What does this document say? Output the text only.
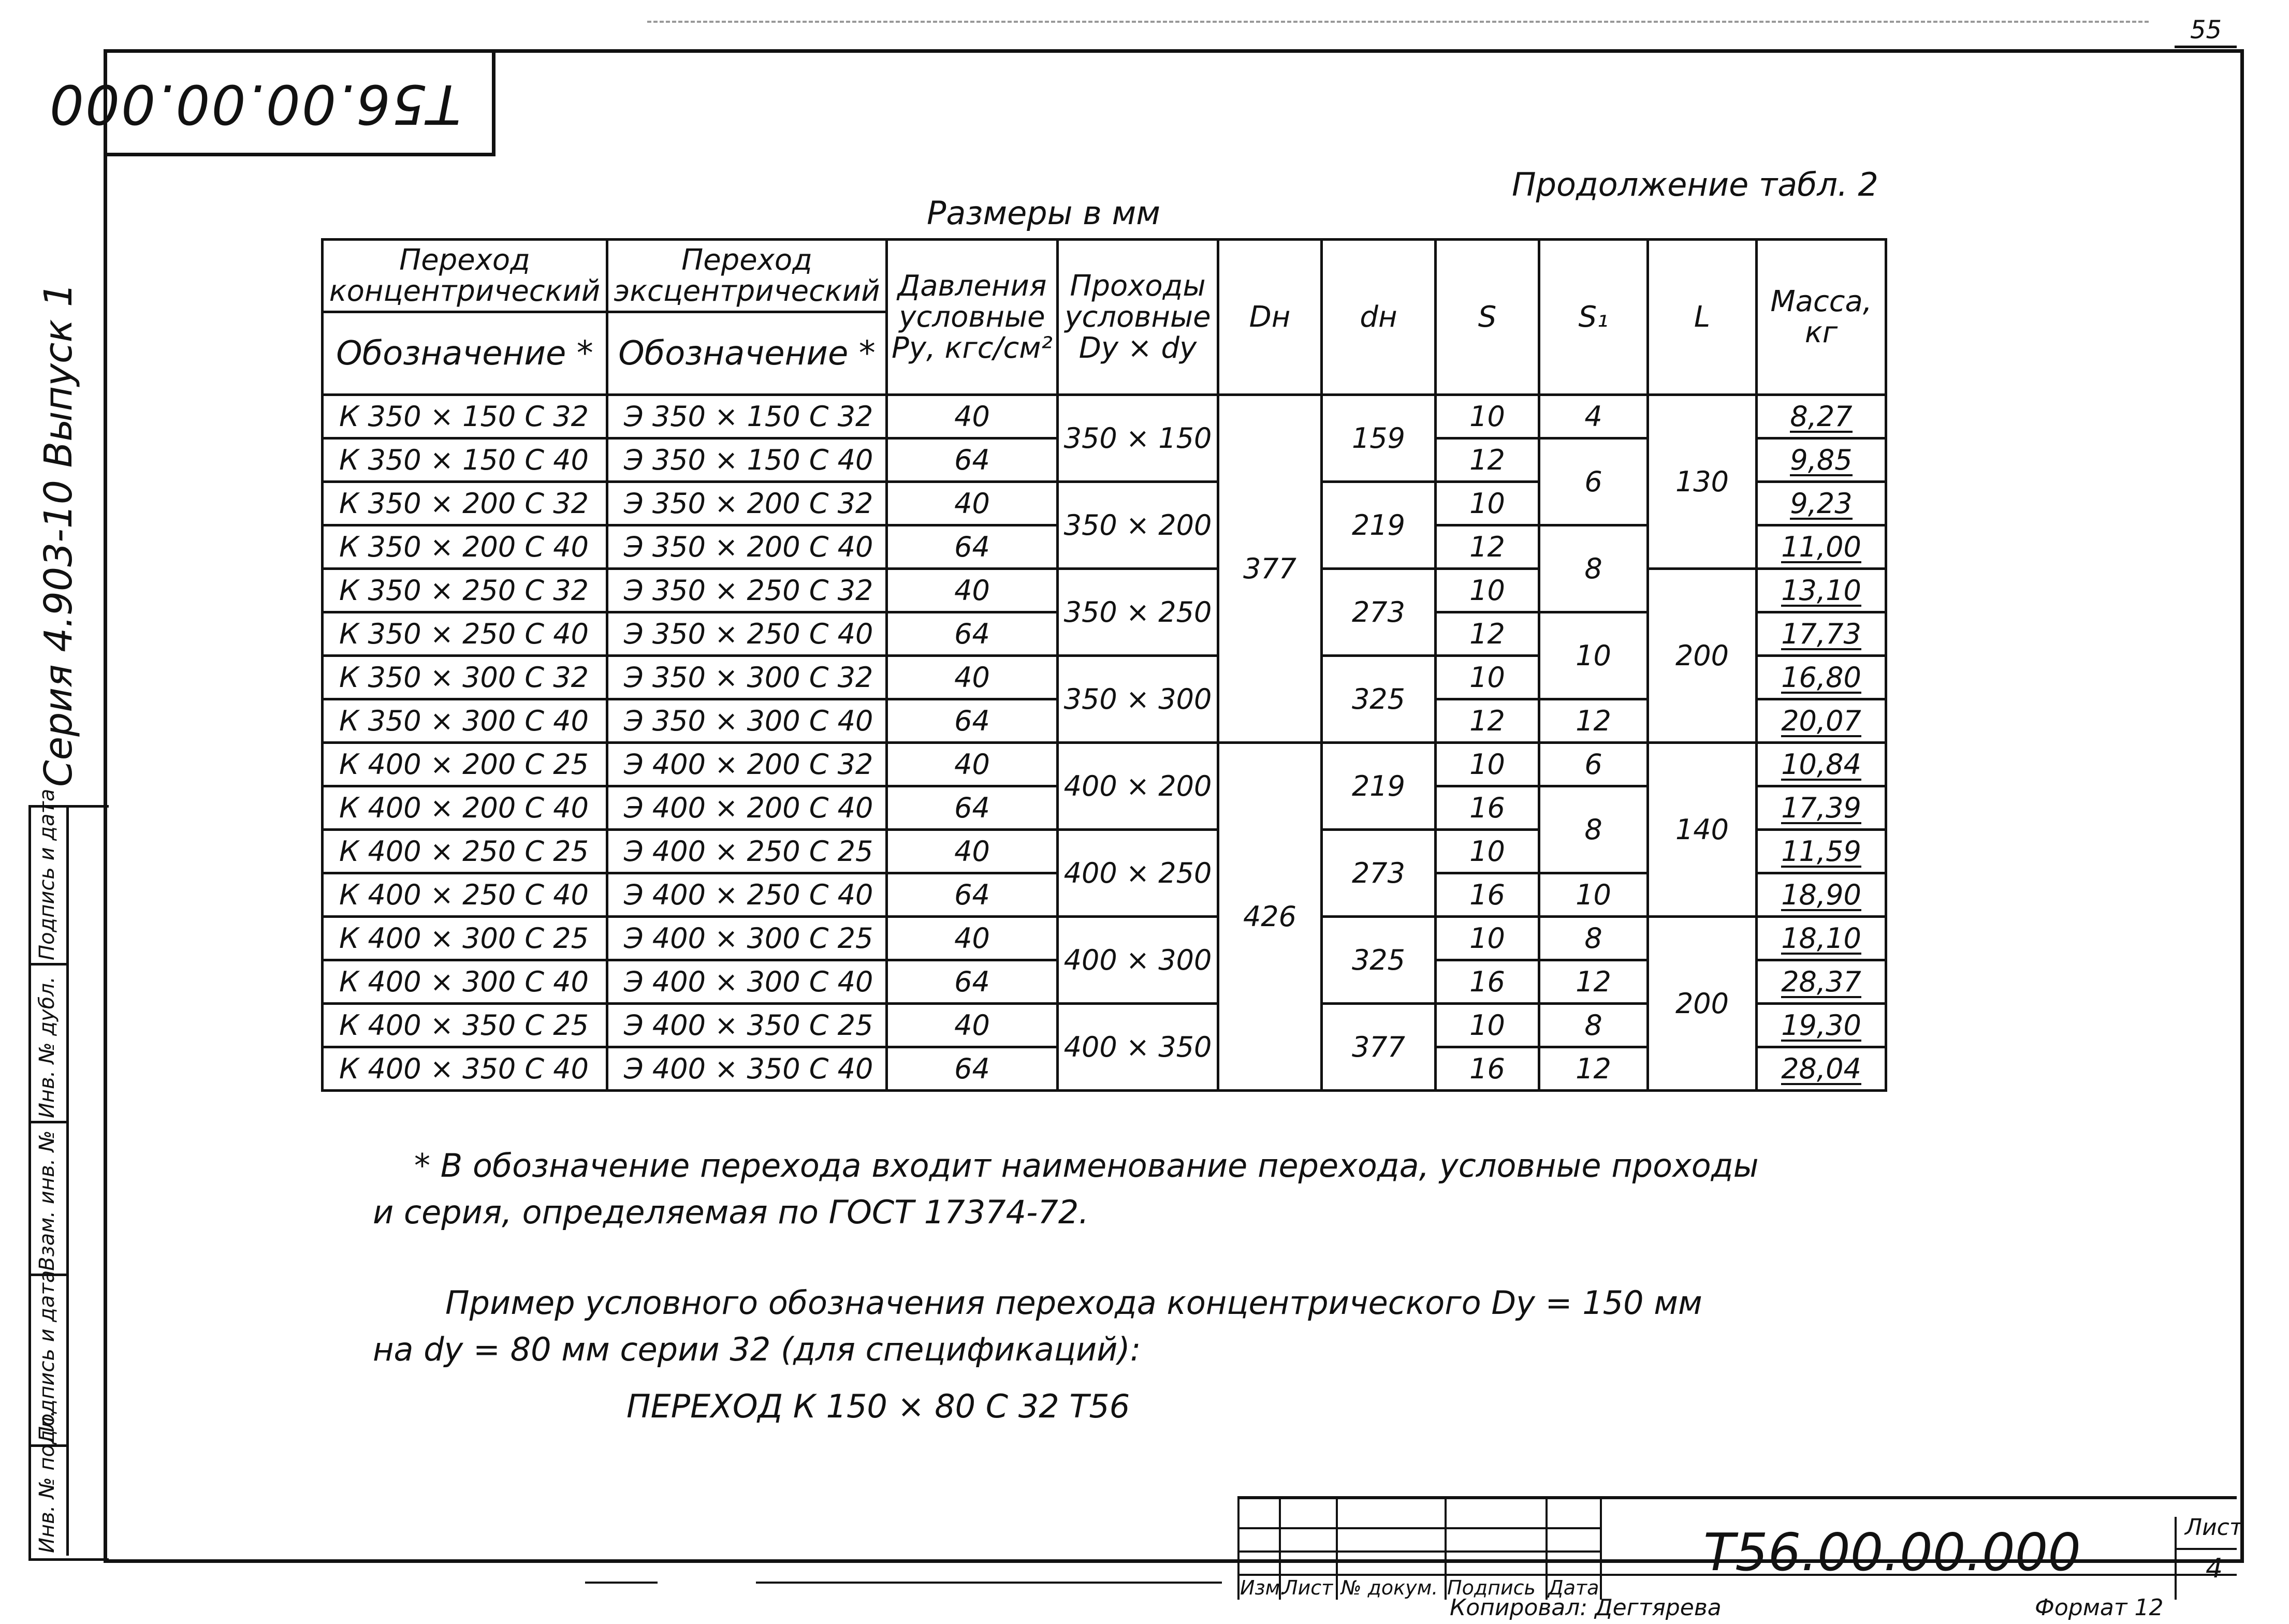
55
Т56.00.00.000
Серия 4.903-10 Выпуск 1
Подпись и дата
Инв. № дубл.
Взам. инв. №
Подпись и дата
Инв. № подл.
Продолжение табл. 2
Размеры в мм
Переход концентрический	Переход эксцентрический	Давления условные Ру, кгс/см²	Проходы условные Dy × dy	Dн	dн	S	S₁	L	Масса, кг
Обозначение *	Обозначение *								
К 350 × 150 С 32	Э 350 × 150 С 32	40	350 × 150	377	159	10	4	130	8,27
К 350 × 150 С 40	Э 350 × 150 С 40	64				12	6		9,85
К 350 × 200 С 32	Э 350 × 200 С 32	40	350 × 200		219	10			9,23
К 350 × 200 С 40	Э 350 × 200 С 40	64				12	8		11,00
К 350 × 250 С 32	Э 350 × 250 С 32	40	350 × 250		273	10		200	13,10
К 350 × 250 С 40	Э 350 × 250 С 40	64				12	10		17,73
К 350 × 300 С 32	Э 350 × 300 С 32	40	350 × 300		325	10			16,80
К 350 × 300 С 40	Э 350 × 300 С 40	64				12	12		20,07
К 400 × 200 С 25	Э 400 × 200 С 32	40	400 × 200	426	219	10	6	140	10,84
К 400 × 200 С 40	Э 400 × 200 С 40	64				16	8		17,39
К 400 × 250 С 25	Э 400 × 250 С 25	40	400 × 250		273	10			11,59
К 400 × 250 С 40	Э 400 × 250 С 40	64				16	10		18,90
К 400 × 300 С 25	Э 400 × 300 С 25	40	400 × 300		325	10	8	200	18,10
К 400 × 300 С 40	Э 400 × 300 С 40	64				16	12		28,37
К 400 × 350 С 25	Э 400 × 350 С 25	40	400 × 350		377	10	8		19,30
К 400 × 350 С 40	Э 400 × 350 С 40	64				16	12		28,04
* В обозначение перехода входит наименование перехода, условные проходы
и серия, определяемая по ГОСТ 17374-72.
Пример условного обозначения перехода концентрического Dy = 150 мм
на dy = 80 мм серии 32 (для спецификаций):
ПЕРЕХОД К 150 × 80 С 32 Т56
Изм.
Лист № докум. Подпись Дата
Т56.00.00.000	Лист
4
Копировал: Дегтярева	Формат 12
